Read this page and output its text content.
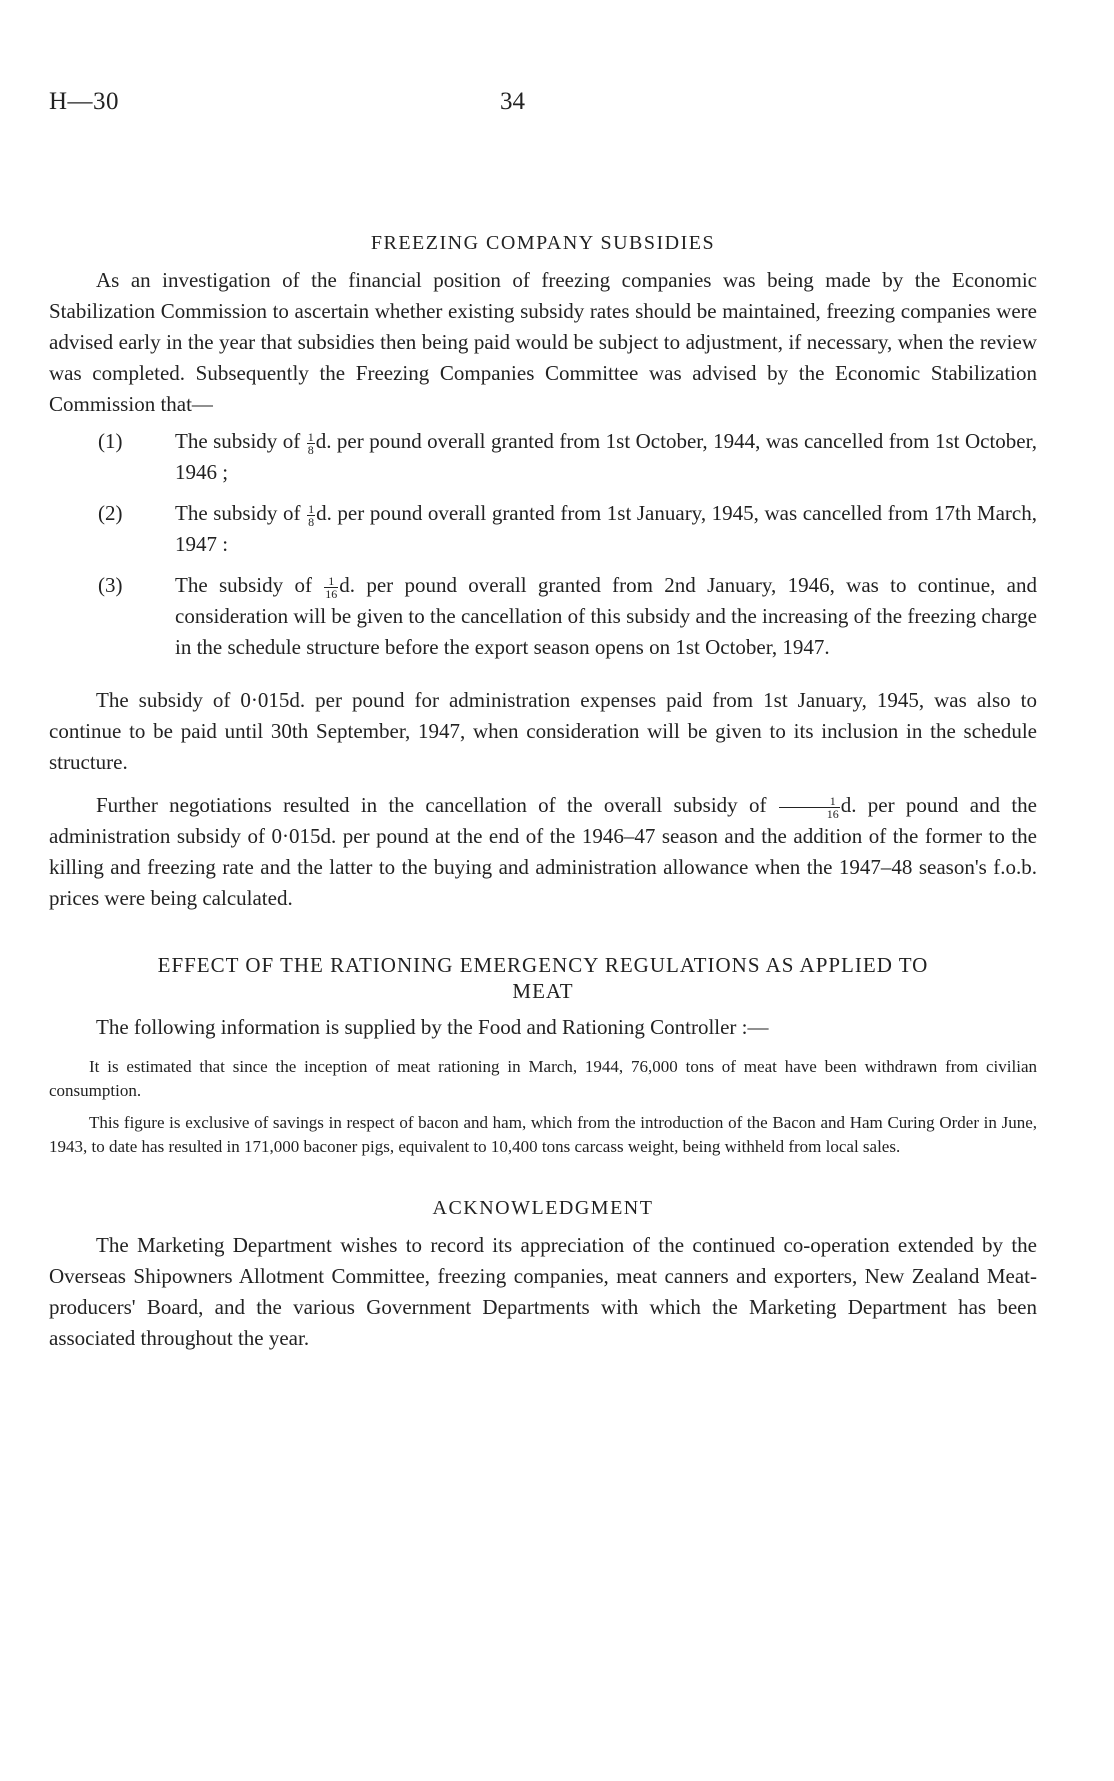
H—30	34
FREEZING COMPANY SUBSIDIES

As an investigation of the financial position of freezing companies was being made by the Economic Stabilization Commission to ascertain whether existing subsidy rates should be maintained, freezing companies were advised early in the year that subsidies then being paid would be subject to adjustment, if necessary, when the review was completed. Subsequently the Freezing Companies Committee was advised by the Economic Stabilization Commission that—

(1)	The subsidy of $\frac{1}{8} d$. per pound overall granted from 1st October, 1944, was cancelled from 1st October, 1946 ;
(2)	The subsidy of $\frac{1}{8} d$. per pound overall granted from 1st January, 1945, was cancelled from 17th March, 1947 :
(3)	The subsidy of $\frac{1}{16} d$. per pound overall granted from 2nd January, 1946, was to continue, and consideration will be given to the cancellation of this subsidy and the increasing of the freezing charge in the schedule structure before the export season opens on 1st October, 1947.

The subsidy of 0·015d. per pound for administration expenses paid from 1st January, 1945, was also to continue to be paid until 30th September, 1947, when consideration will be given to its inclusion in the schedule structure.

Further negotiations resulted in the cancellation of the overall subsidy of $\frac{1}{16} d$. per pound and the administration subsidy of 0·015d. per pound at the end of the 1946–47 season and the addition of the former to the killing and freezing rate and the latter to the buying and administration allowance when the 1947–48 season's f.o.b. prices were being calculated.

EFFECT OF THE RATIONING EMERGENCY REGULATIONS AS APPLIED TO
MEAT

The following information is supplied by the Food and Rationing Controller :—

It is estimated that since the inception of meat rationing in March, 1944, 76,000 tons of meat have been withdrawn from civilian consumption.

This figure is exclusive of savings in respect of bacon and ham, which from the introduction of the Bacon and Ham Curing Order in June, 1943, to date has resulted in 171,000 baconer pigs, equivalent to 10,400 tons carcass weight, being withheld from local sales.

ACKNOWLEDGMENT

The Marketing Department wishes to record its appreciation of the continued co-operation extended by the Overseas Shipowners Allotment Committee, freezing companies, meat canners and exporters, New Zealand Meat-producers' Board, and the various Government Departments with which the Marketing Department has been associated throughout the year.
